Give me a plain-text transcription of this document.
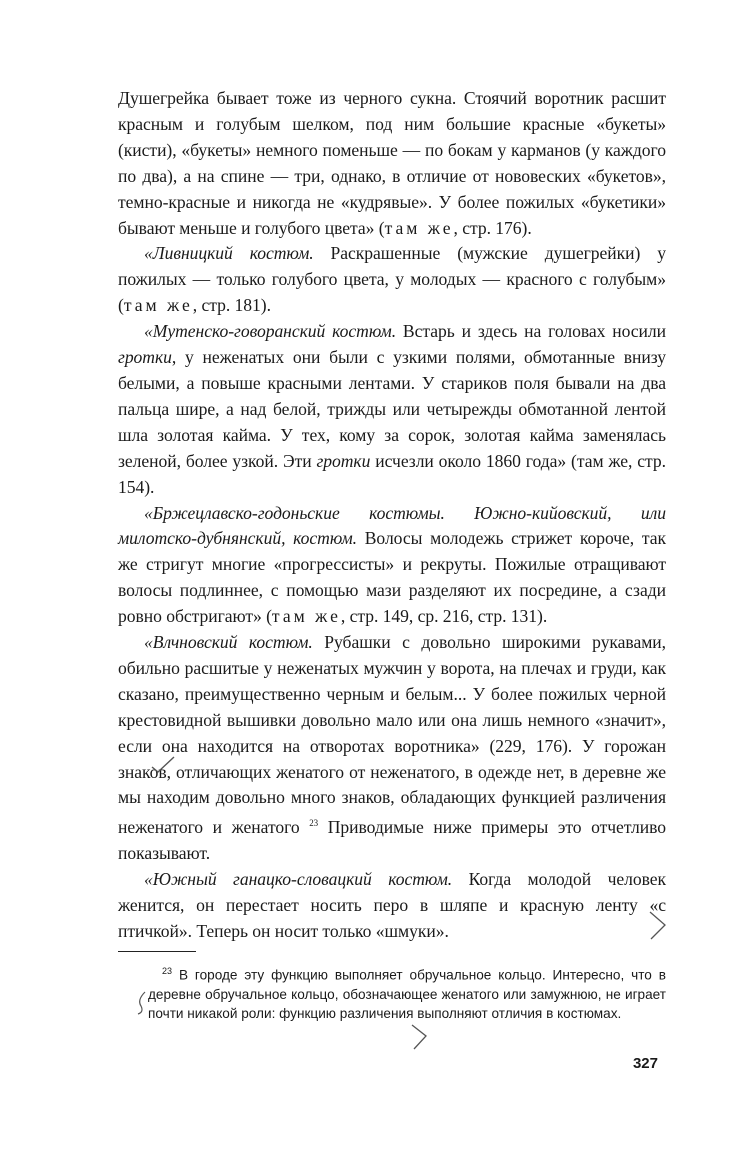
Душегрейка бывает тоже из черного сукна. Стоячий воротник расшит красным и голубым шелком, под ним большие красные «букеты» (кисти), «букеты» немного поменьше — по бокам у карманов (у каждого по два), а на спине — три, однако, в отличие от нововеских «букетов», темно-красные и никогда не «кудрявые». У более пожилых «букетики» бывают меньше и голубого цвета» (там же, стр. 176).

«Ливницкий костюм. Раскрашенные (мужские душегрейки) у пожилых — только голубого цвета, у молодых — красного с голубым» (там же, стр. 181).

«Мутенско-говоранский костюм. Встарь и здесь на головах носили гротки, у неженатых они были с узкими полями, обмотанные внизу белыми, а повыше красными лентами. У стариков поля бывали на два пальца шире, а над белой, трижды или четырежды обмотанной лентой шла золотая кайма. У тех, кому за сорок, золотая кайма заменялась зеленой, более узкой. Эти гротки исчезли около 1860 года» (там же, стр. 154).

«Бржецлавско-годоньские костюмы. Южно-кийовский, или милотско-дубнянский, костюм. Волосы молодежь стрижет короче, так же стригут многие «прогрессисты» и рекруты. Пожилые отращивают волосы подлиннее, с помощью мази разделяют их посредине, а сзади ровно обстригают» (там же, стр. 149, ср. 216, стр. 131).

«Влчновский костюм. Рубашки с довольно широкими рукавами, обильно расшитые у неженатых мужчин у ворота, на плечах и груди, как сказано, преимущественно черным и белым... У более пожилых черной крестовидной вышивки довольно мало или она лишь немного «значит», если она находится на отворотах воротника» (229, 176). У горожан знаков, отличающих женатого от неженатого, в одежде нет, в деревне же мы находим довольно много знаков, обладающих функцией различения неженатого и женатого $^{23}$ Приводимые ниже примеры это отчетливо показывают.

«Южный ганацко-словацкий костюм. Когда молодой человек женится, он перестает носить перо в шляпе и красную ленту «с птичкой». Теперь он носит только «шмуки».

$^{23}$ В городе эту функцию выполняет обручальное кольцо. Интересно, что в деревне обручальное кольцо, обозначающее женатого или замужнюю, не играет почти никакой роли: функцию различения выполняют отличия в костюмах.

327
